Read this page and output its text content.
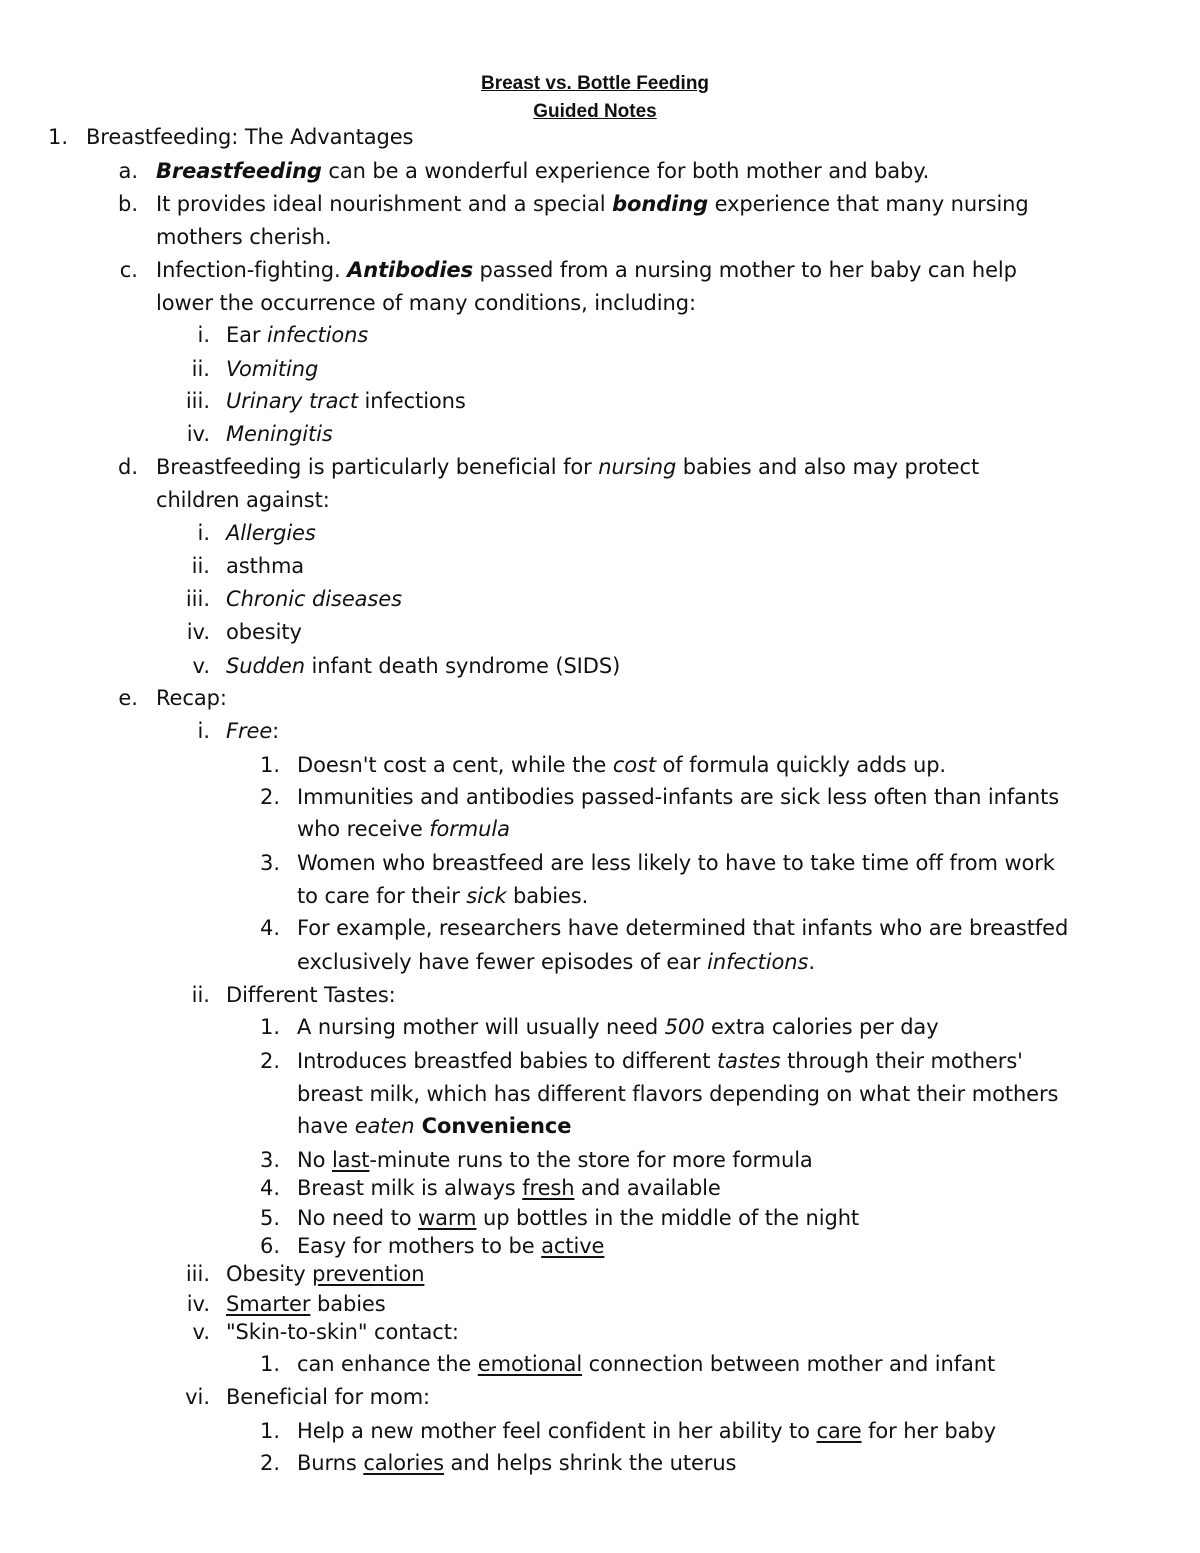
Breast vs. Bottle Feeding
Guided Notes
1. Breastfeeding: The Advantages
a. Breastfeeding can be a wonderful experience for both mother and baby.
b. It provides ideal nourishment and a special bonding experience that many nursing
mothers cherish.
c. Infection-fighting. Antibodies passed from a nursing mother to her baby can help
lower the occurrence of many conditions, including:
i. Ear infections
ii. Vomiting
iii. Urinary tract infections
iv. Meningitis
d. Breastfeeding is particularly beneficial for nursing babies and also may protect
children against:
i. Allergies
ii. asthma
iii. Chronic diseases
iv. obesity
v. Sudden infant death syndrome (SIDS)
e. Recap:
i. Free:
1. Doesn't cost a cent, while the cost of formula quickly adds up.
2. Immunities and antibodies passed-infants are sick less often than infants
who receive formula
3. Women who breastfeed are less likely to have to take time off from work
to care for their sick babies.
4. For example, researchers have determined that infants who are breastfed
exclusively have fewer episodes of ear infections.
ii. Different Tastes:
1. A nursing mother will usually need 500 extra calories per day
2. Introduces breastfed babies to different tastes through their mothers'
breast milk, which has different flavors depending on what their mothers
have eaten Convenience
3. No last-minute runs to the store for more formula
4. Breast milk is always fresh and available
5. No need to warm up bottles in the middle of the night
6. Easy for mothers to be active
iii. Obesity prevention
iv. Smarter babies
v. "Skin-to-skin" contact:
1. can enhance the emotional connection between mother and infant
vi. Beneficial for mom:
1. Help a new mother feel confident in her ability to care for her baby
2. Burns calories and helps shrink the uterus
